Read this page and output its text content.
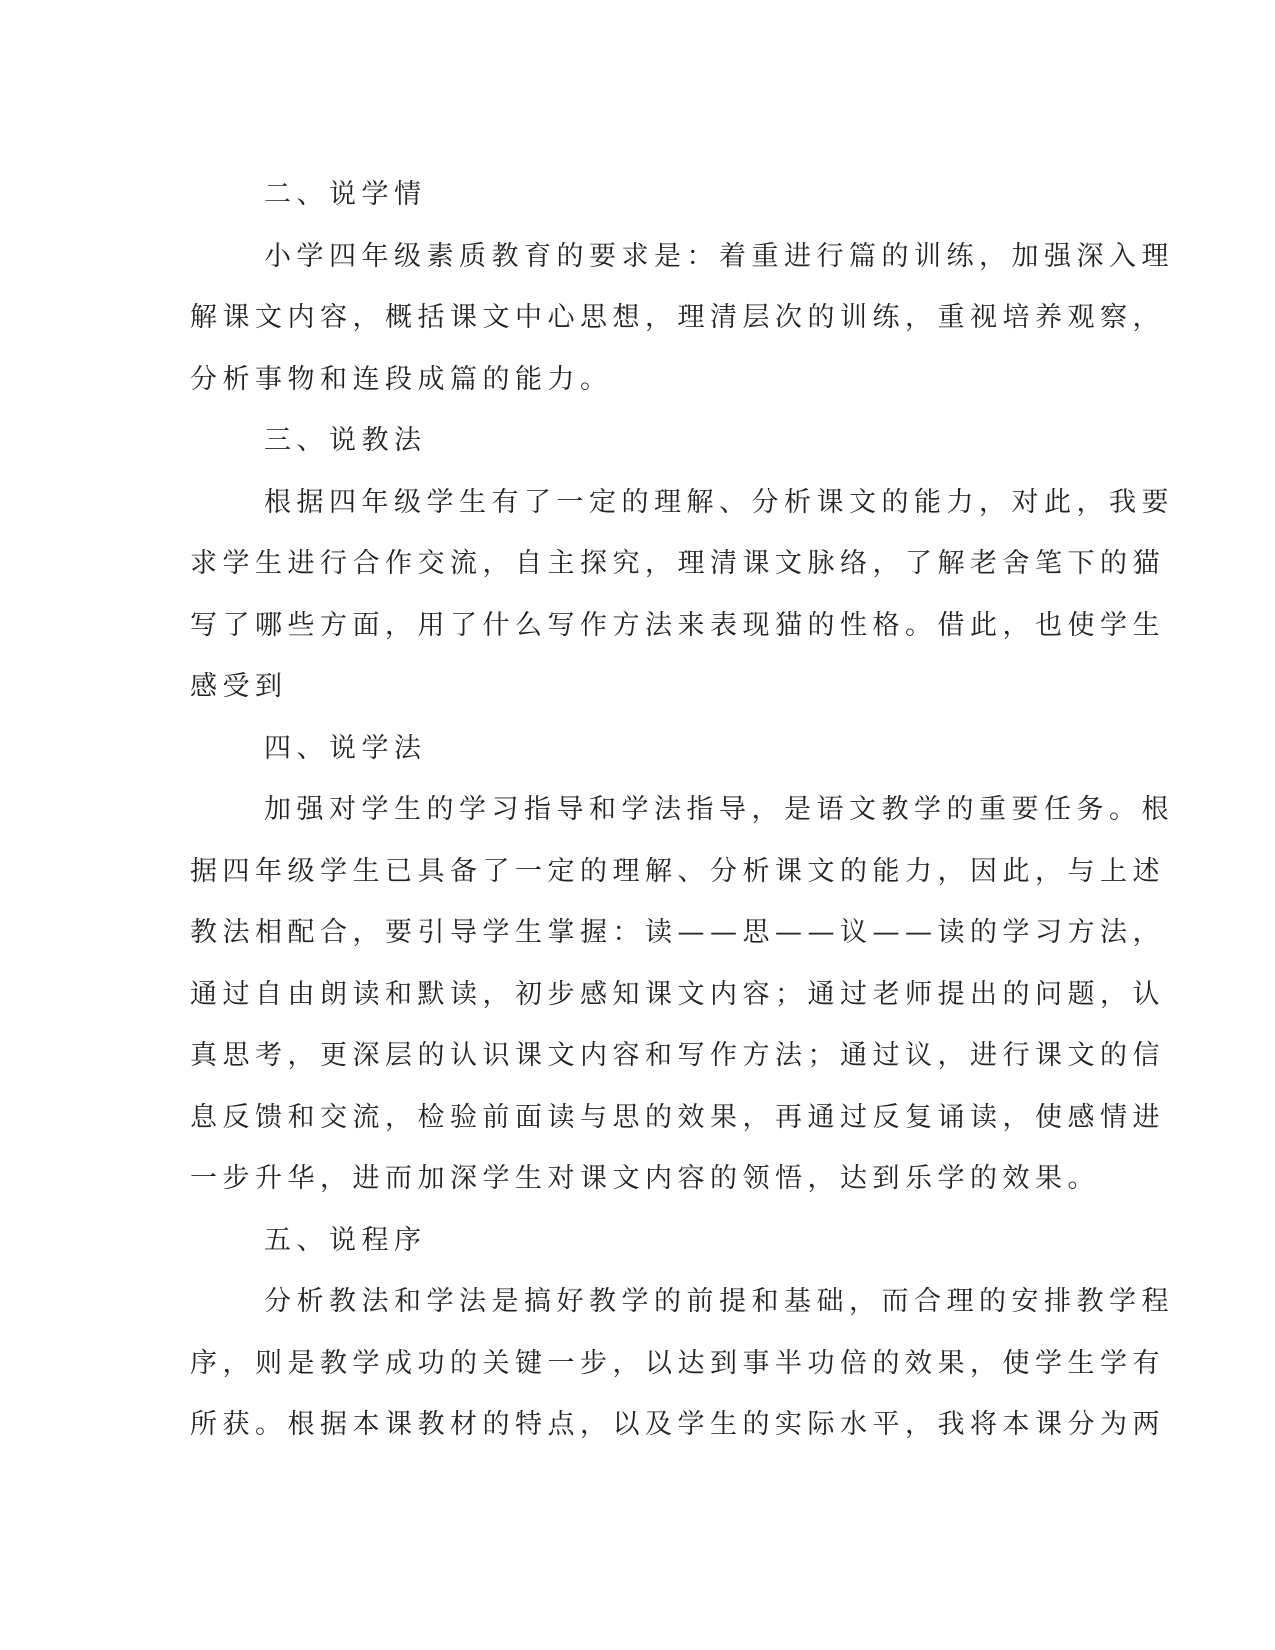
二、说学情
小学四年级素质教育的要求是：着重进行篇的训练，加强深入理
解课文内容，概括课文中心思想，理清层次的训练，重视培养观察，
分析事物和连段成篇的能力。
三、说教法
根据四年级学生有了一定的理解、分析课文的能力，对此，我要
求学生进行合作交流，自主探究，理清课文脉络，了解老舍笔下的猫
写了哪些方面，用了什么写作方法来表现猫的性格。借此，也使学生
感受到
四、说学法
加强对学生的学习指导和学法指导，是语文教学的重要任务。根
据四年级学生已具备了一定的理解、分析课文的能力，因此，与上述
教法相配合，要引导学生掌握：读——思——议——读的学习方法，
通过自由朗读和默读，初步感知课文内容；通过老师提出的问题，认
真思考，更深层的认识课文内容和写作方法；通过议，进行课文的信
息反馈和交流，检验前面读与思的效果，再通过反复诵读，使感情进
一步升华，进而加深学生对课文内容的领悟，达到乐学的效果。
五、说程序
分析教法和学法是搞好教学的前提和基础，而合理的安排教学程
序，则是教学成功的关键一步，以达到事半功倍的效果，使学生学有
所获。根据本课教材的特点，以及学生的实际水平，我将本课分为两
